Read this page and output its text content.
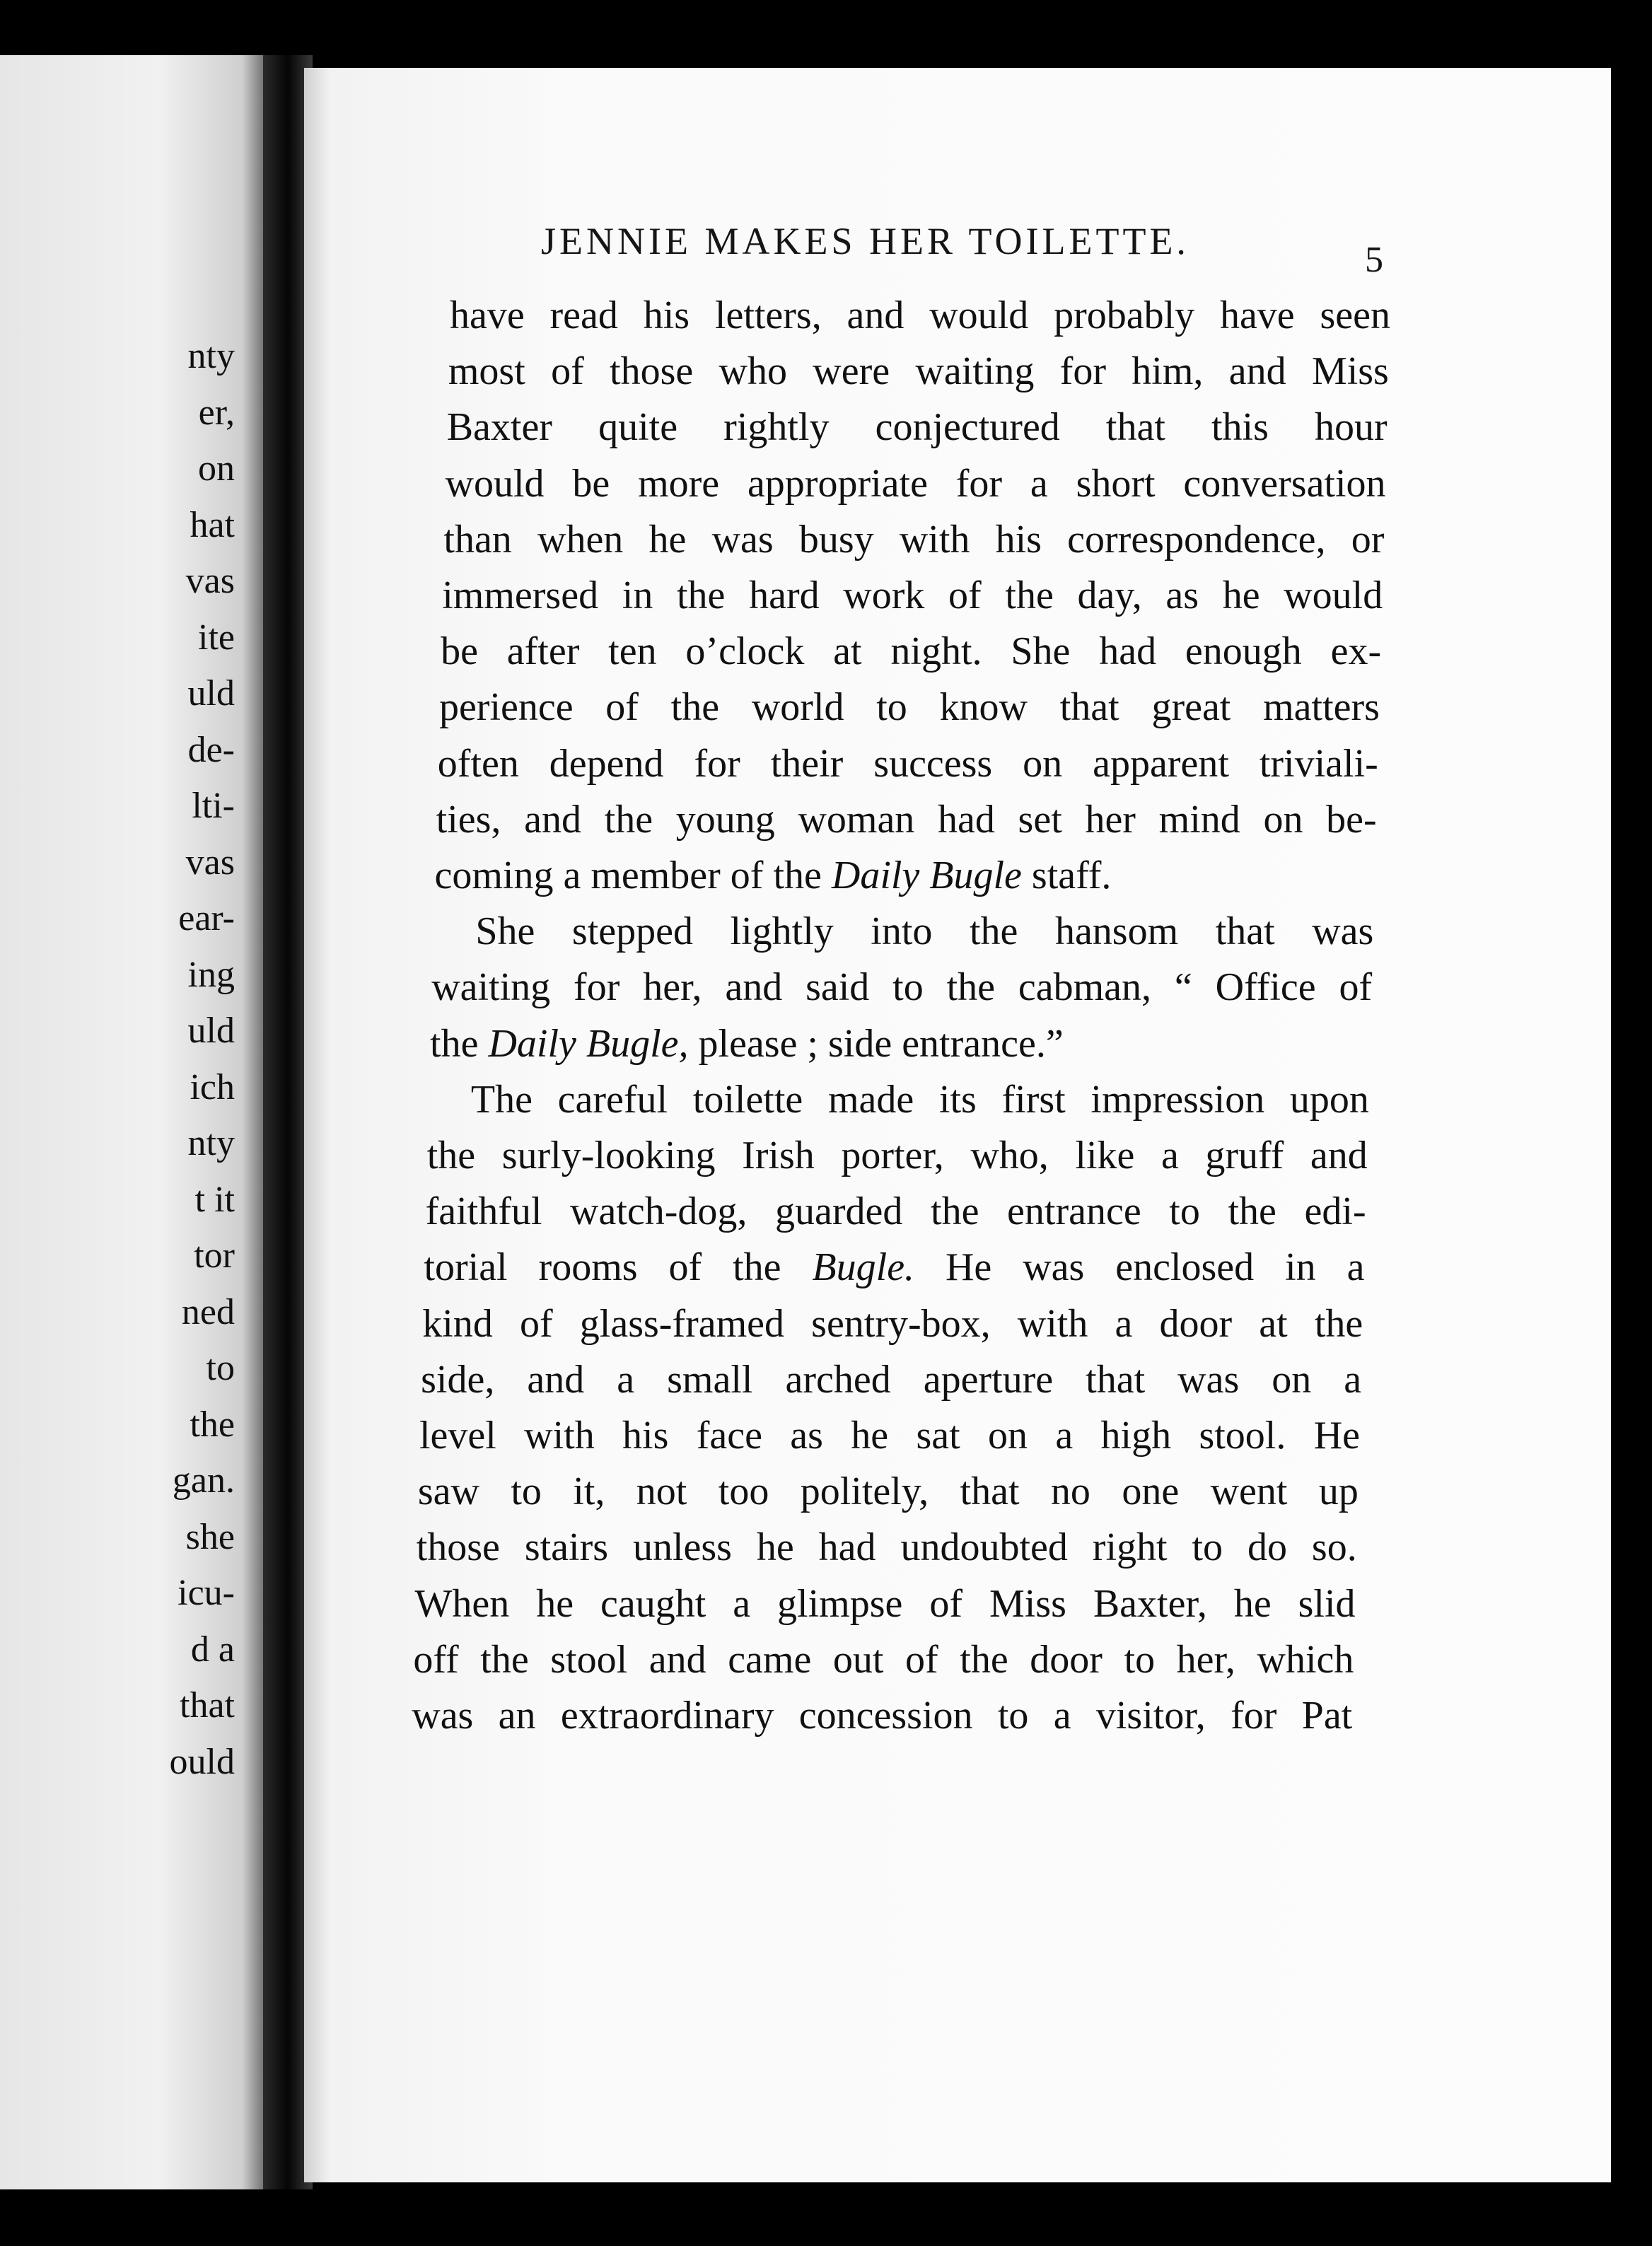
nty
er,
on
hat
vas
ite
uld
de-
lti-
vas
ear-
ing
uld
ich
nty
t it
tor
ned
to
the
gan.
she
icu-
d a
that
ould
JENNIE MAKES HER TOILETTE.	5
have read his letters, and would probably have seen
most of those who were waiting for him, and Miss
Baxter quite rightly conjectured that this hour
would be more appropriate for a short conversation
than when he was busy with his correspondence, or
immersed in the hard work of the day, as he would
be after ten o’clock at night. She had enough ex-
perience of the world to know that great matters
often depend for their success on apparent triviali-
ties, and the young woman had set her mind on be-
coming a member of the Daily Bugle staff.
She stepped lightly into the hansom that was
waiting for her, and said to the cabman, “ Office of
the Daily Bugle, please ; side entrance.”
The careful toilette made its first impression upon
the surly-looking Irish porter, who, like a gruff and
faithful watch-dog, guarded the entrance to the edi-
torial rooms of the Bugle. He was enclosed in a
kind of glass-framed sentry-box, with a door at the
side, and a small arched aperture that was on a
level with his face as he sat on a high stool. He
saw to it, not too politely, that no one went up
those stairs unless he had undoubted right to do so.
When he caught a glimpse of Miss Baxter, he slid
off the stool and came out of the door to her, which
was an extraordinary concession to a visitor, for Pat
